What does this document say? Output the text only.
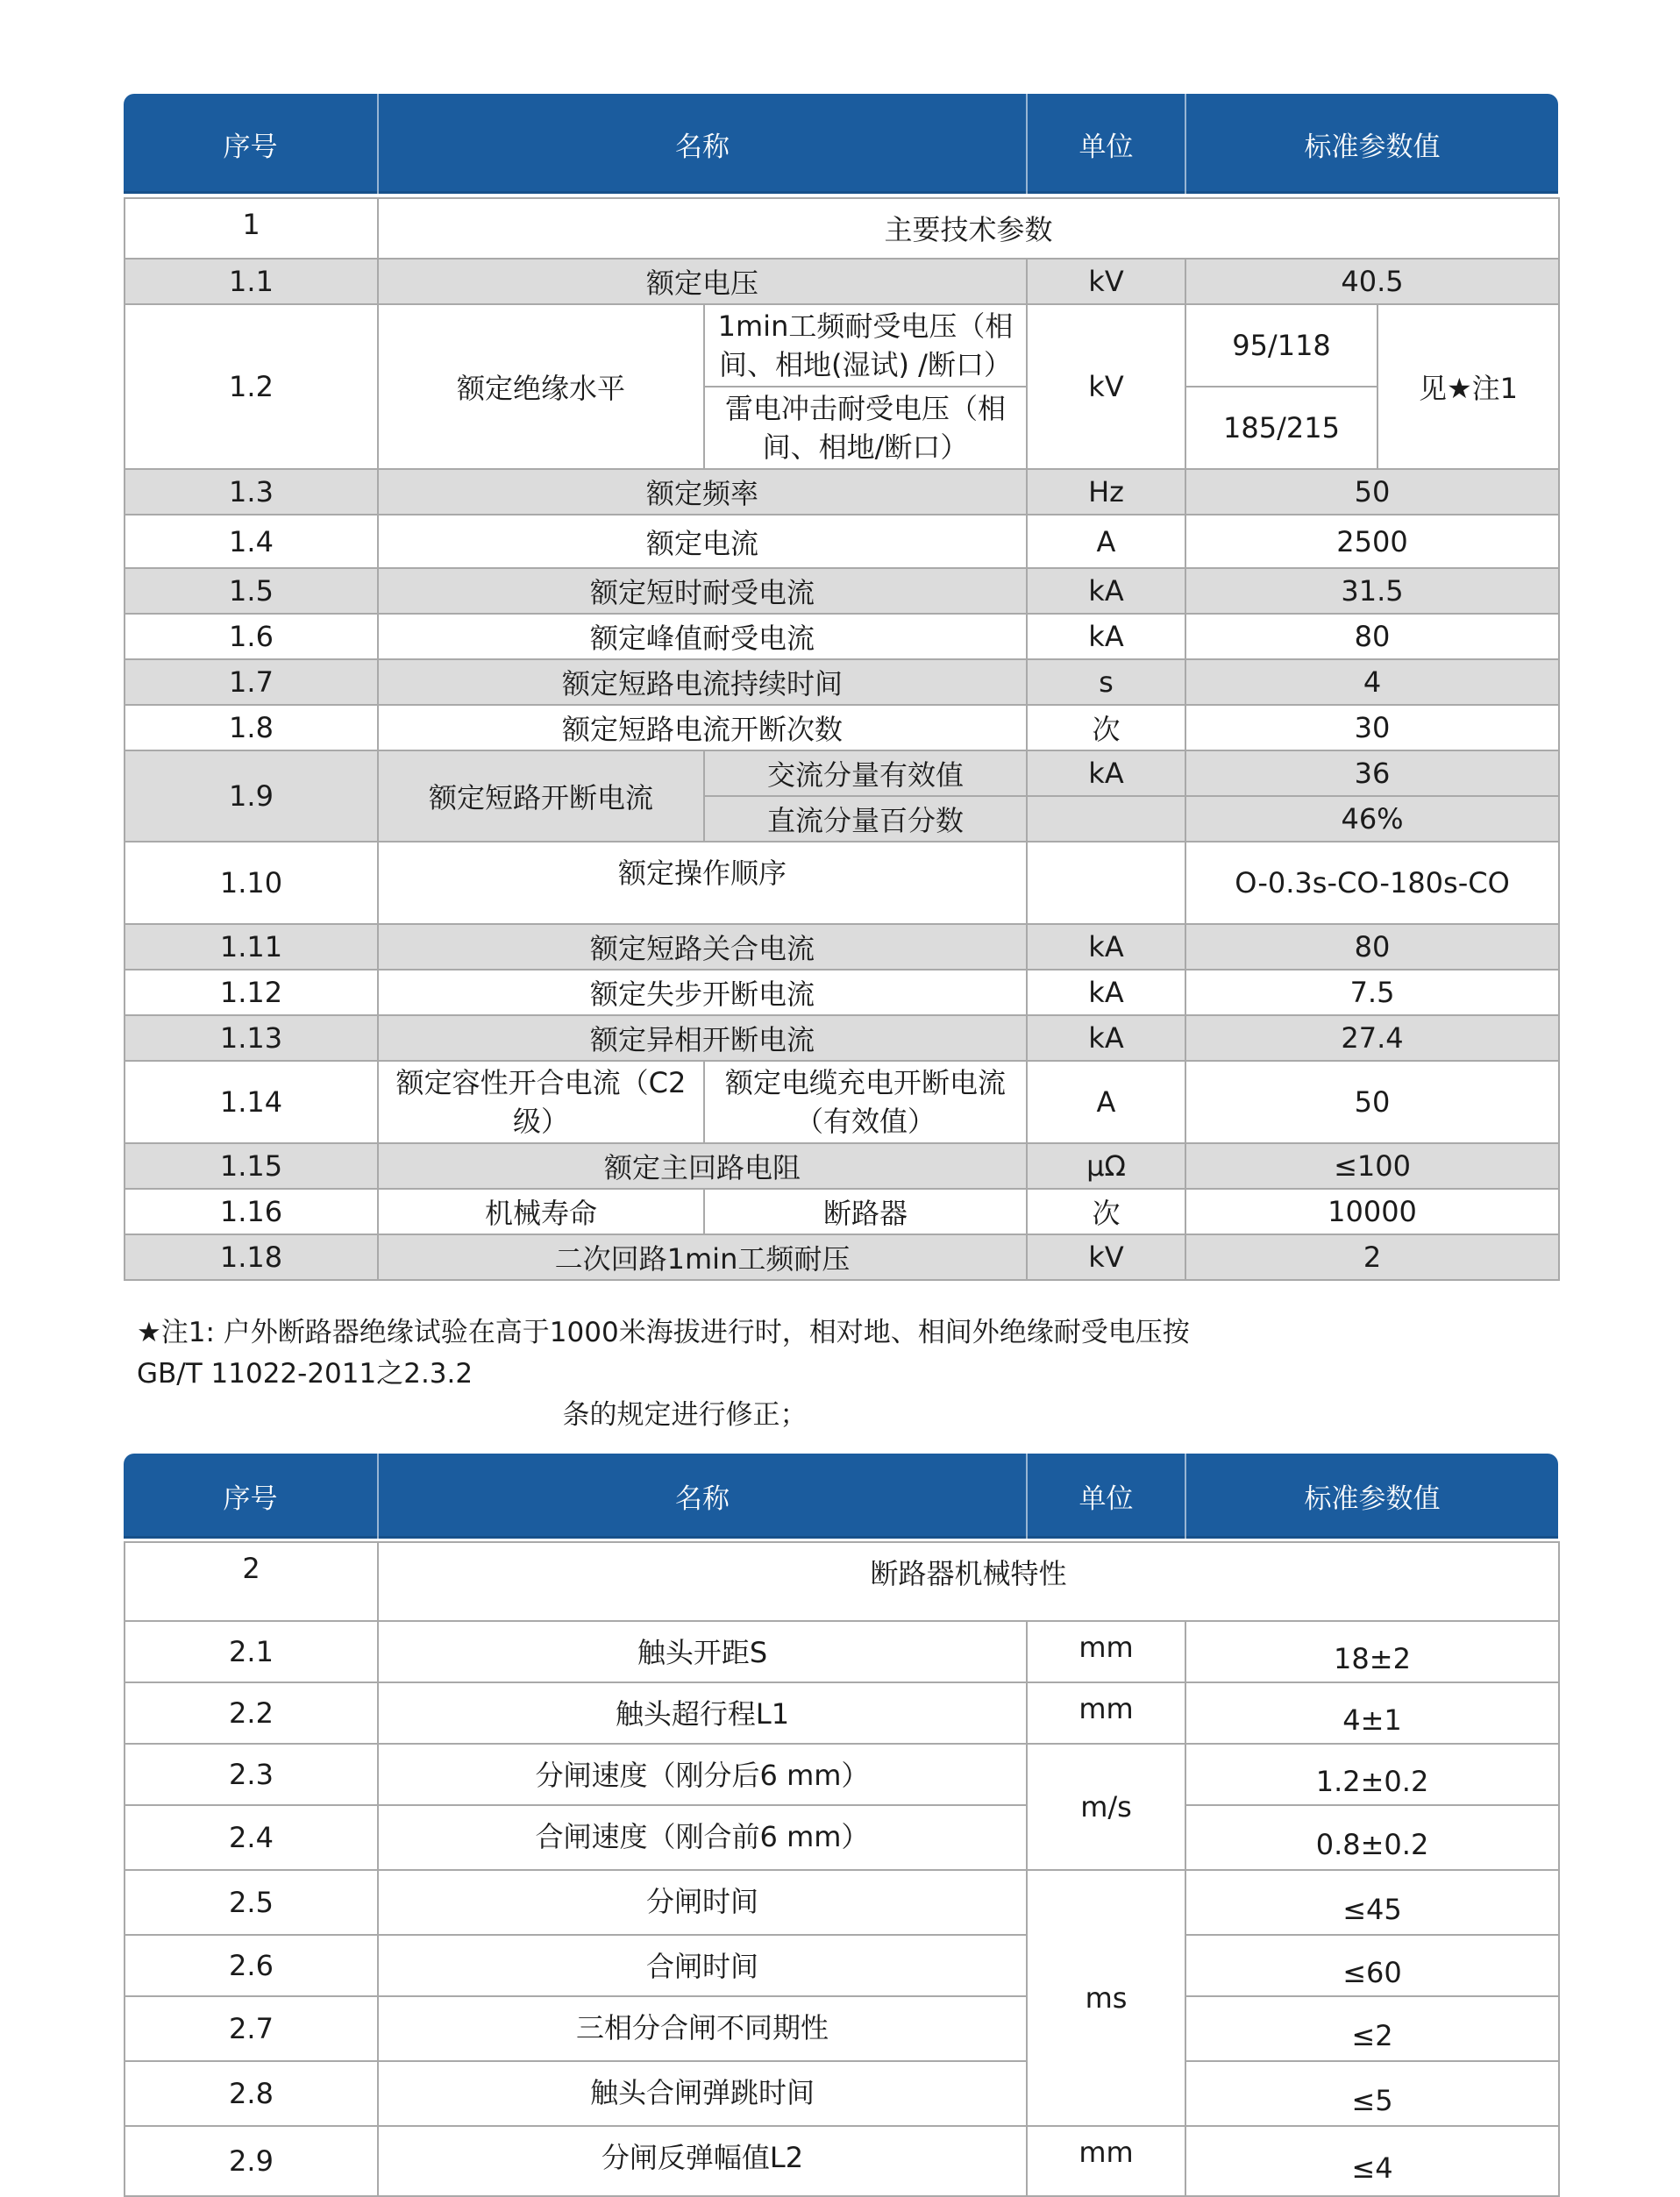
序号	名称	单位	标准参数值
1	主要技术参数				
1.1	额定电压		kV	40.5	
1.2	额定绝缘水平	1min工频耐受电压（相间、相地(湿试) /断口）	kV	95/118	见★注1
		雷电冲击耐受电压（相间、相地/断口）		185/215	
1.3	额定频率		Hz	50	
1.4	额定电流		A	2500	
1.5	额定短时耐受电流		kA	31.5	
1.6	额定峰值耐受电流		kA	80	
1.7	额定短路电流持续时间		s	4	
1.8	额定短路电流开断次数		次	30	
1.9	额定短路开断电流	交流分量有效值	kA	36	
		直流分量百分数		46%	
1.10	额定操作顺序			O-0.3s-CO-180s-CO	
1.11	额定短路关合电流		kA	80	
1.12	额定失步开断电流		kA	7.5	
1.13	额定异相开断电流		kA	27.4	
1.14	额定容性开合电流（C2级）	额定电缆充电开断电流（有效值）	A	50	
1.15	额定主回路电阻		μΩ	≤100	
1.16	机械寿命	断路器	次	10000	
1.18	二次回路1min工频耐压		kV	2	
★注1: 户外断路器绝缘试验在高于1000米海拔进行时，相对地、相间外绝缘耐受电压按GB/T 11022-2011之2.3.2
条的规定进行修正；
序号	名称	单位	标准参数值
2	断路器机械特性		
2.1	触头开距S	mm	18±2
2.2	触头超行程L1	mm	4±1
2.3	分闸速度（刚分后6 mm）	m/s	1.2±0.2
2.4	合闸速度（刚合前6 mm）		0.8±0.2
2.5	分闸时间	ms	≤45
2.6	合闸时间		≤60
2.7	三相分合闸不同期性		≤2
2.8	触头合闸弹跳时间		≤5
2.9	分闸反弹幅值L2	mm	≤4
